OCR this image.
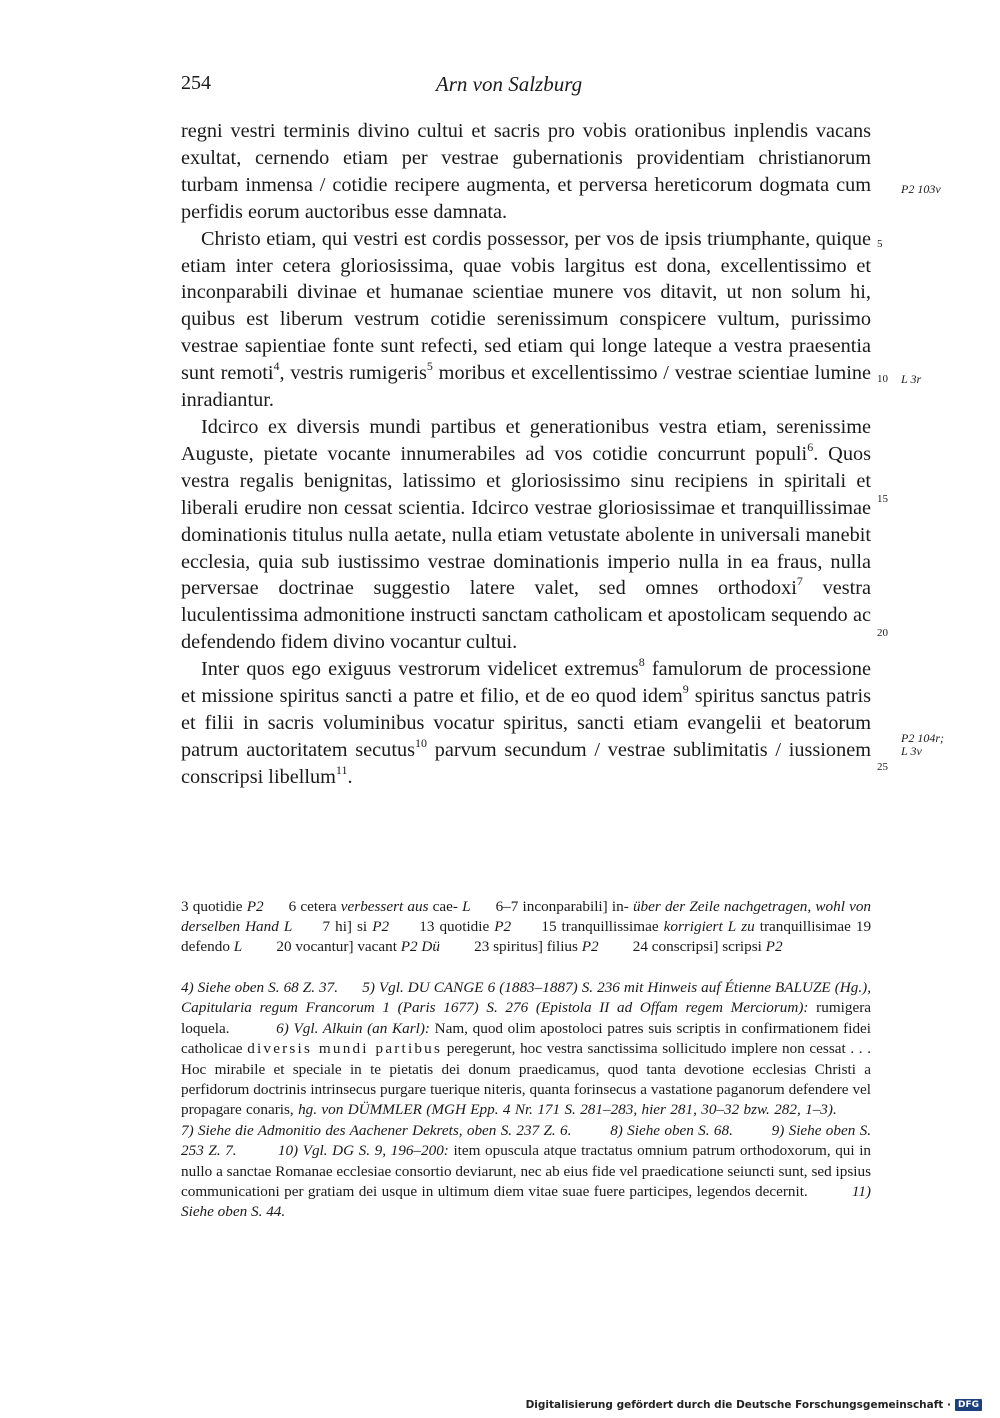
254	Arn von Salzburg

regni vestri terminis divino cultui et sacris pro vobis orationibus inplendis vacans exultat, cernendo etiam per vestrae gubernationis providentiam christianorum turbam inmensa / cotidie recipere augmenta, et perversa hereticorum dogmata cum perfidis eorum auctoribus esse damnata.

Christo etiam, qui vestri est cordis possessor, per vos de ipsis triumphante, quique etiam inter cetera gloriosissima, quae vobis largitus est dona, excellentissimo et inconparabili divinae et humanae scientiae munere vos ditavit, ut non solum hi, quibus est liberum vestrum cotidie serenissimum conspicere vultum, purissimo vestrae sapientiae fonte sunt refecti, sed etiam qui longe lateque a vestra praesentia sunt remoti$^4$, vestris rumigeris$^5$ moribus et excellentissimo / vestrae scientiae lumine inradiantur.

Idcirco ex diversis mundi partibus et generationibus vestra etiam, serenissime Auguste, pietate vocante innumerabiles ad vos cotidie concurrunt populi$^6$. Quos vestra regalis benignitas, latissimo et gloriosissimo sinu recipiens in spiritali et liberali erudire non cessat scientia. Idcirco vestrae gloriosissimae et tranquillissimae dominationis titulus nulla aetate, nulla etiam vetustate abolente in universali manebit ecclesia, quia sub iustissimo vestrae dominationis imperio nulla in ea fraus, nulla perversae doctrinae suggestio latere valet, sed omnes orthodoxi$^7$ vestra luculentissima admonitione instructi sanctam catholicam et apostolicam sequendo ac defendendo fidem divino vocantur cultui.

Inter quos ego exiguus vestrorum videlicet extremus$^8$ famulorum de processione et missione spiritus sancti a patre et filio, et de eo quod idem$^9$ spiritus sanctus patris et filii in sacris voluminibus vocatur spiritus, sancti etiam evangelii et beatorum patrum auctoritatem secutus$^{10}$ parvum secundum / vestrae sublimitatis / iussionem conscripsi libellum$^{11}$.

5
10
15
20
25
P2 103v
L 3r
P2 104r;
L 3v
3 quotidie P2 6 cetera verbessert aus cae- L 6–7 inconparabili] in- über der Zeile nachgetragen, wohl von derselben Hand L 7 hi] si P2 13 quotidie P2 15 tranquillissimae korrigiert L zu tranquillisimae 19 defendo L 20 vocantur] vacant P2 Dü 23 spiritus] filius P2 24 conscripsi] scripsi P2
4) Siehe oben S. 68 Z. 37. 5) Vgl. DU CANGE 6 (1883–1887) S. 236 mit Hinweis auf Étienne BALUZE (Hg.), Capitularia regum Francorum 1 (Paris 1677) S. 276 (Epistola II ad Offam regem Merciorum): rumigera loquela.	6) Vgl. Alkuin (an Karl): Nam, quod olim apostoloci patres suis scriptis in confirmationem fidei catholicae diversis mundi partibus peregerunt, hoc vestra sanctissima sollicitudo implere non cessat . . . Hoc mirabile et speciale in te pietatis dei donum praedicamus, quod tanta devotione ecclesias Christi a perfidorum doctrinis intrinsecus purgare tuerique niteris, quanta forinsecus a vastatione paganorum defendere vel propagare conaris, hg. von DÜMMLER (MGH Epp. 4 Nr. 171 S. 281–283, hier 281, 30–32 bzw. 282, 1–3).         7) Siehe die Admonitio des Aachener Dekrets, oben S. 237 Z. 6.	8) Siehe oben S. 68.	9) Siehe oben S. 253 Z. 7.	10) Vgl. DG S. 9, 196–200: item opuscula atque tractatus omnium patrum orthodoxorum, qui in nullo a sanctae Romanae ecclesiae consortio deviarunt, nec ab eius fide vel praedicatione seiuncti sunt, sed ipsius communicationi per gratiam dei usque in ultimum diem vitae suae fuere participes, legendos decernit.	11) Siehe oben S. 44.
Digitalisierung gefördert durch die Deutsche Forschungsgemeinschaft · DFG
